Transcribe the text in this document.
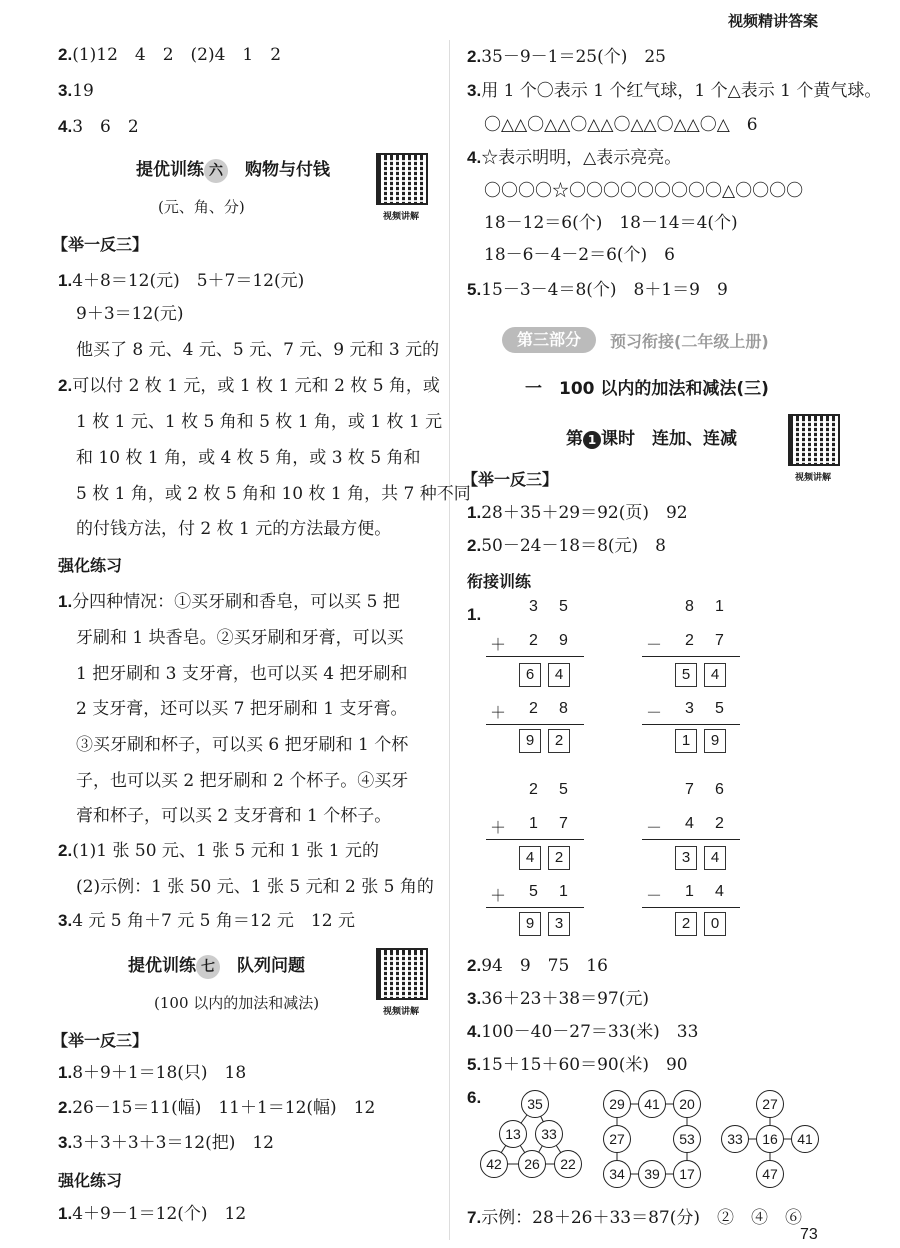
视频精讲答案
2.(1)12　4　2　(2)4　1　2
3.19
4.3　6　2
提优训练 六　 购物与付钱
(元、角、分)
视频讲解
【举一反三】
1.4＋8＝12(元)　5＋7＝12(元)
9＋3＝12(元)
他买了 8 元、4 元、5 元、7 元、9 元和 3 元的
2.可以付 2 枚 1 元，或 1 枚 1 元和 2 枚 5 角，或
1 枚 1 元、1 枚 5 角和 5 枚 1 角，或 1 枚 1 元
和 10 枚 1 角，或 4 枚 5 角，或 3 枚 5 角和
5 枚 1 角，或 2 枚 5 角和 10 枚 1 角，共 7 种不同
的付钱方法，付 2 枚 1 元的方法最方便。
强化练习
1.分四种情况：①买牙刷和香皂，可以买 5 把
牙刷和 1 块香皂。②买牙刷和牙膏，可以买
1 把牙刷和 3 支牙膏，也可以买 4 把牙刷和
2 支牙膏，还可以买 7 把牙刷和 1 支牙膏。
③买牙刷和杯子，可以买 6 把牙刷和 1 个杯
子，也可以买 2 把牙刷和 2 个杯子。④买牙
膏和杯子，可以买 2 支牙膏和 1 个杯子。
2.(1)1 张 50 元、1 张 5 元和 1 张 1 元的
(2)示例：1 张 50 元、1 张 5 元和 2 张 5 角的
3.4 元 5 角＋7 元 5 角＝12 元　12 元
提优训练 七　 队列问题
(100 以内的加法和减法)	视频讲解
【举一反三】
1.8＋9＋1＝18(只)　18
2.26－15＝11(幅)　11＋1＝12(幅)　12
3.3＋3＋3＋3＝12(把)　12
强化练习
1.4＋9－1＝12(个)　12
2.35－9－1＝25(个)　25
3.用 1 个〇表示 1 个红气球，1 个△表示 1 个黄气球。
〇△△〇△△〇△△〇△△〇△△〇△　6
4.☆表示明明，△表示亮亮。
〇〇〇〇☆〇〇〇〇〇〇〇〇〇△〇〇〇〇
18－12＝6(个)　18－14＝4(个)
18－6－4－2＝6(个)　6
5.15－3－4＝8(个)　8＋1＝9　9
第三部分	预习衔接(二年级上册)
一　100 以内的加法和减法(三)
第 1 课时　连加、连减
视频讲解
【举一反三】
1.28＋35＋29＝92(页)　92
2.50－24－18＝8(元)　8
衔接训练
1.	3 5
＋ 2 9
6	4
＋ 2 8
9	2
8 1
－ 2 7
5	4
－ 3 5
1	9
2 5
＋ 1 7
4	2
＋ 5 1
9	3
7 6
－ 4 2
3	4
－ 1 4
2	0
2.94　9　75　16
3.36＋23＋38＝97(元)
4.100－40－27＝33(米)　33
5.15＋15＋60＝90(米)　90
6.	35
13	33
42	26	22
29	41	20
27	53
34	39	17
27
33	16	41
47
7.示例：28＋26＋33＝87(分)　②　④　⑥
73
